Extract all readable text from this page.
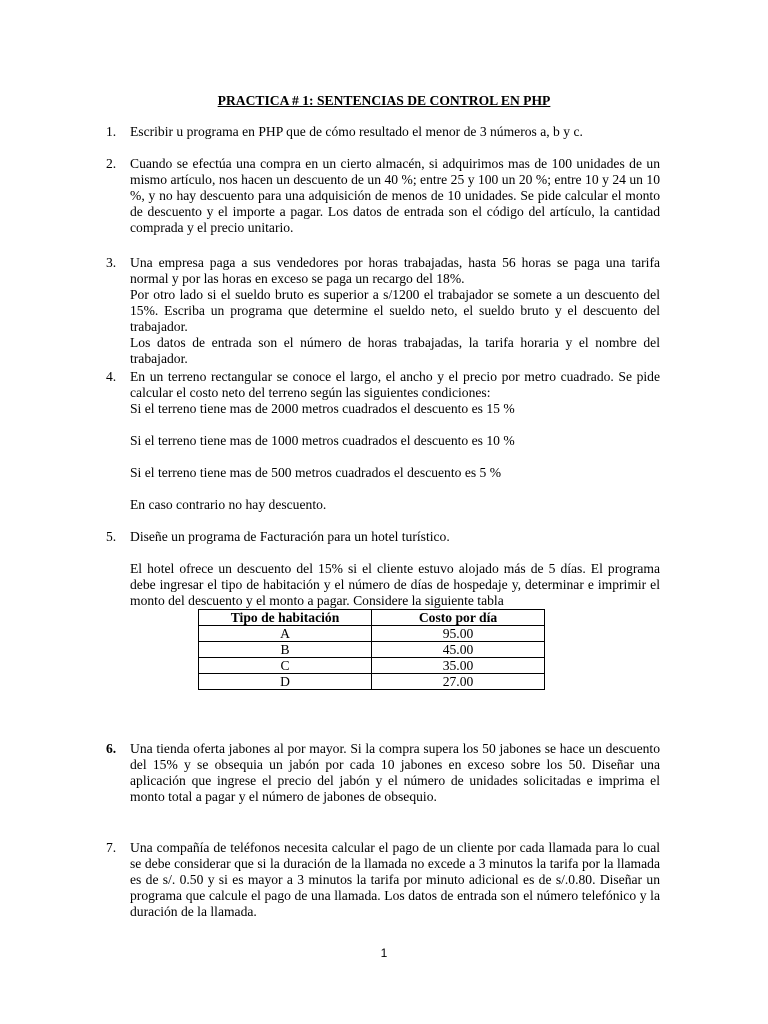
PRACTICA # 1: SENTENCIAS DE CONTROL EN PHP
1.	Escribir u programa en PHP que de cómo resultado el menor de 3 números a, b y c.

2.	Cuando se efectúa una compra en un cierto almacén, si adquirimos mas de 100 unidades de un mismo artículo, nos hacen un descuento de un 40 %; entre 25 y 100 un 20 %; entre 10 y 24 un 10 %, y no hay descuento para una adquisición de menos de 10 unidades. Se pide calcular el monto de descuento y el importe a pagar. Los datos de entrada son el código del artículo, la cantidad comprada y el precio unitario.

3.	Una empresa paga a sus vendedores por horas trabajadas, hasta 56 horas se paga una tarifa normal y por las horas en exceso se paga un recargo del 18%.

Por otro lado si el sueldo bruto es superior a s/1200 el trabajador se somete a un descuento del 15%. Escriba un programa que determine el sueldo neto, el sueldo bruto y el descuento del trabajador.

Los datos de entrada son el número de horas trabajadas, la tarifa horaria y el nombre del trabajador.

4.	En un terreno rectangular se conoce el largo, el ancho y el precio por metro cuadrado. Se pide calcular el costo neto del terreno según las siguientes condiciones:

Si el terreno tiene mas de 2000 metros cuadrados el descuento es 15 %

Si el terreno tiene mas de 1000 metros cuadrados el descuento es 10 %

Si el terreno tiene mas de 500 metros cuadrados el descuento es 5 %

En caso contrario no hay descuento.

5.	Diseñe un programa de Facturación para un hotel turístico.

El hotel ofrece un descuento del 15% si el cliente estuvo alojado más de 5 días. El programa debe ingresar el tipo de habitación y el número de días de hospedaje y, determinar e imprimir el monto del descuento y el monto a pagar. Considere la siguiente tabla

Tipo de habitación	Costo por día
A	95.00
B	45.00
C	35.00
D	27.00
6.	Una tienda oferta jabones al por mayor. Si la compra supera los 50 jabones se hace un descuento del 15% y se obsequia un jabón por cada 10 jabones en exceso sobre los 50. Diseñar una aplicación que ingrese el precio del jabón y el número de unidades solicitadas e imprima el monto total a pagar y el número de jabones de obsequio.

7.	Una compañía de teléfonos necesita calcular el pago de un cliente por cada llamada para lo cual se debe considerar que si la duración de la llamada no excede a 3 minutos la tarifa por la llamada es de s/. 0.50 y si es mayor a 3 minutos la tarifa por minuto adicional es de s/.0.80. Diseñar un programa que calcule el pago de una llamada. Los datos de entrada son el número telefónico y la duración de la llamada.

1
